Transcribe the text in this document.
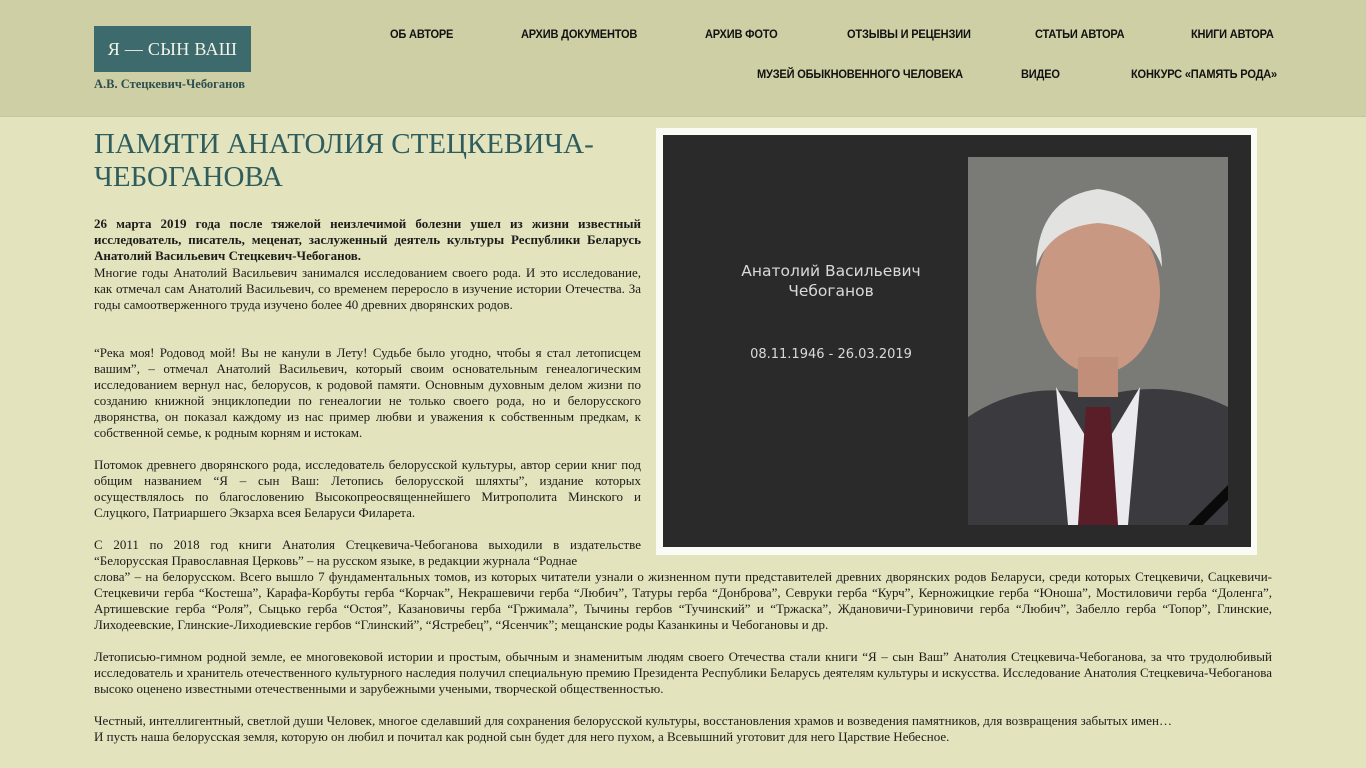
Я — СЫН ВАШ
А.В. Стецкевич-Чебоганов
ОБ АВТОРЕ	АРХИВ ДОКУМЕНТОВ	АРХИВ ФОТО	ОТЗЫВЫ И РЕЦЕНЗИИ	СТАТЬИ АВТОРА	КНИГИ АВТОРА
МУЗЕЙ ОБЫКНОВЕННОГО ЧЕЛОВЕКА	ВИДЕО	КОНКУРС «ПАМЯТЬ РОДА»
ПАМЯТИ АНАТОЛИЯ СТЕЦКЕВИЧА-ЧЕБОГАНОВА

26 марта 2019 года после тяжелой неизлечимой болезни ушел из жизни известный исследователь, писатель, меценат, заслуженный деятель культуры Республики Беларусь Анатолий Васильевич Стецкевич-Чебоганов.

Многие годы Анатолий Васильевич занимался исследованием своего рода. И это исследование, как отмечал сам Анатолий Васильевич, со временем переросло в изучение истории Отечества. За годы самоотверженного труда изучено более 40 древних дворянских родов.

“Река моя! Родовод мой! Вы не канули в Лету! Судьбе было угодно, чтобы я стал летописцем вашим”, – отмечал Анатолий Васильевич, который своим основательным генеалогическим исследованием вернул нас, белорусов, к родовой памяти. Основным духовным делом жизни по созданию книжной энциклопедии по генеалогии не только своего рода, но и белорусского дворянства, он показал каждому из нас пример любви и уважения к собственным предкам, к собственной семье, к родным корням и истокам.

Потомок древнего дворянского рода, исследователь белорусской культуры, автор серии книг под общим названием “Я – сын Ваш: Летопись белорусской шляхты”, издание которых осуществлялось по благословению Высокопреосвященнейшего Митрополита Минского и Слуцкого, Патриаршего Экзарха всея Беларуси Филарета.

С 2011 по 2018 год книги Анатолия Стецкевича-Чебоганова выходили в издательстве “Белорусская Православная Церковь” – на русском языке, в редакции журнала “Роднае

слова” – на белорусском. Всего вышло 7 фундаментальных томов, из которых читатели узнали о жизненном пути представителей древних дворянских родов Беларуси, среди которых Стецкевичи, Сацкевичи-Стецкевичи герба “Костеша”, Карафа-Корбуты герба “Корчак”, Некрашевичи герба “Любич”, Татуры герба “Донброва”, Севруки герба “Курч”, Керножицкие герба “Юноша”, Мостиловичи герба “Доленга”, Артишевские герба “Роля”, Сыцько герба “Остоя”, Казановичы герба “Гржимала”, Тычины гербов “Тучинский” и “Тржаска”, Ждановичи-Гуриновичи герба “Любич”, Забелло герба “Топор”, Глинские, Лиходеевские, Глинские-Лиходиевские гербов “Глинский”, “Ястребец”, “Ясенчик”; мещанские роды Казанкины и Чебогановы и др.

Летописью-гимном родной земле, ее многовековой истории и простым, обычным и знаменитым людям своего Отечества стали книги “Я – сын Ваш” Анатолия Стецкевича-Чебоганова, за что трудолюбивый исследователь и хранитель отечественного культурного наследия получил специальную премию Президента Республики Беларусь деятелям культуры и искусства. Исследование Анатолия Стецкевича-Чебоганова высоко оценено известными отечественными и зарубежными учеными, творческой общественностью.

Честный, интеллигентный, светлой души Человек, многое сделавший для сохранения белорусской культуры, восстановления храмов и возведения памятников, для возвращения забытых имен…

И пусть наша белорусская земля, которую он любил и почитал как родной сын будет для него пухом, а Всевышний уготовит для него Царствие Небесное.

Анатолий Васильевич
Чебоганов
08.11.1946 - 26.03.2019
